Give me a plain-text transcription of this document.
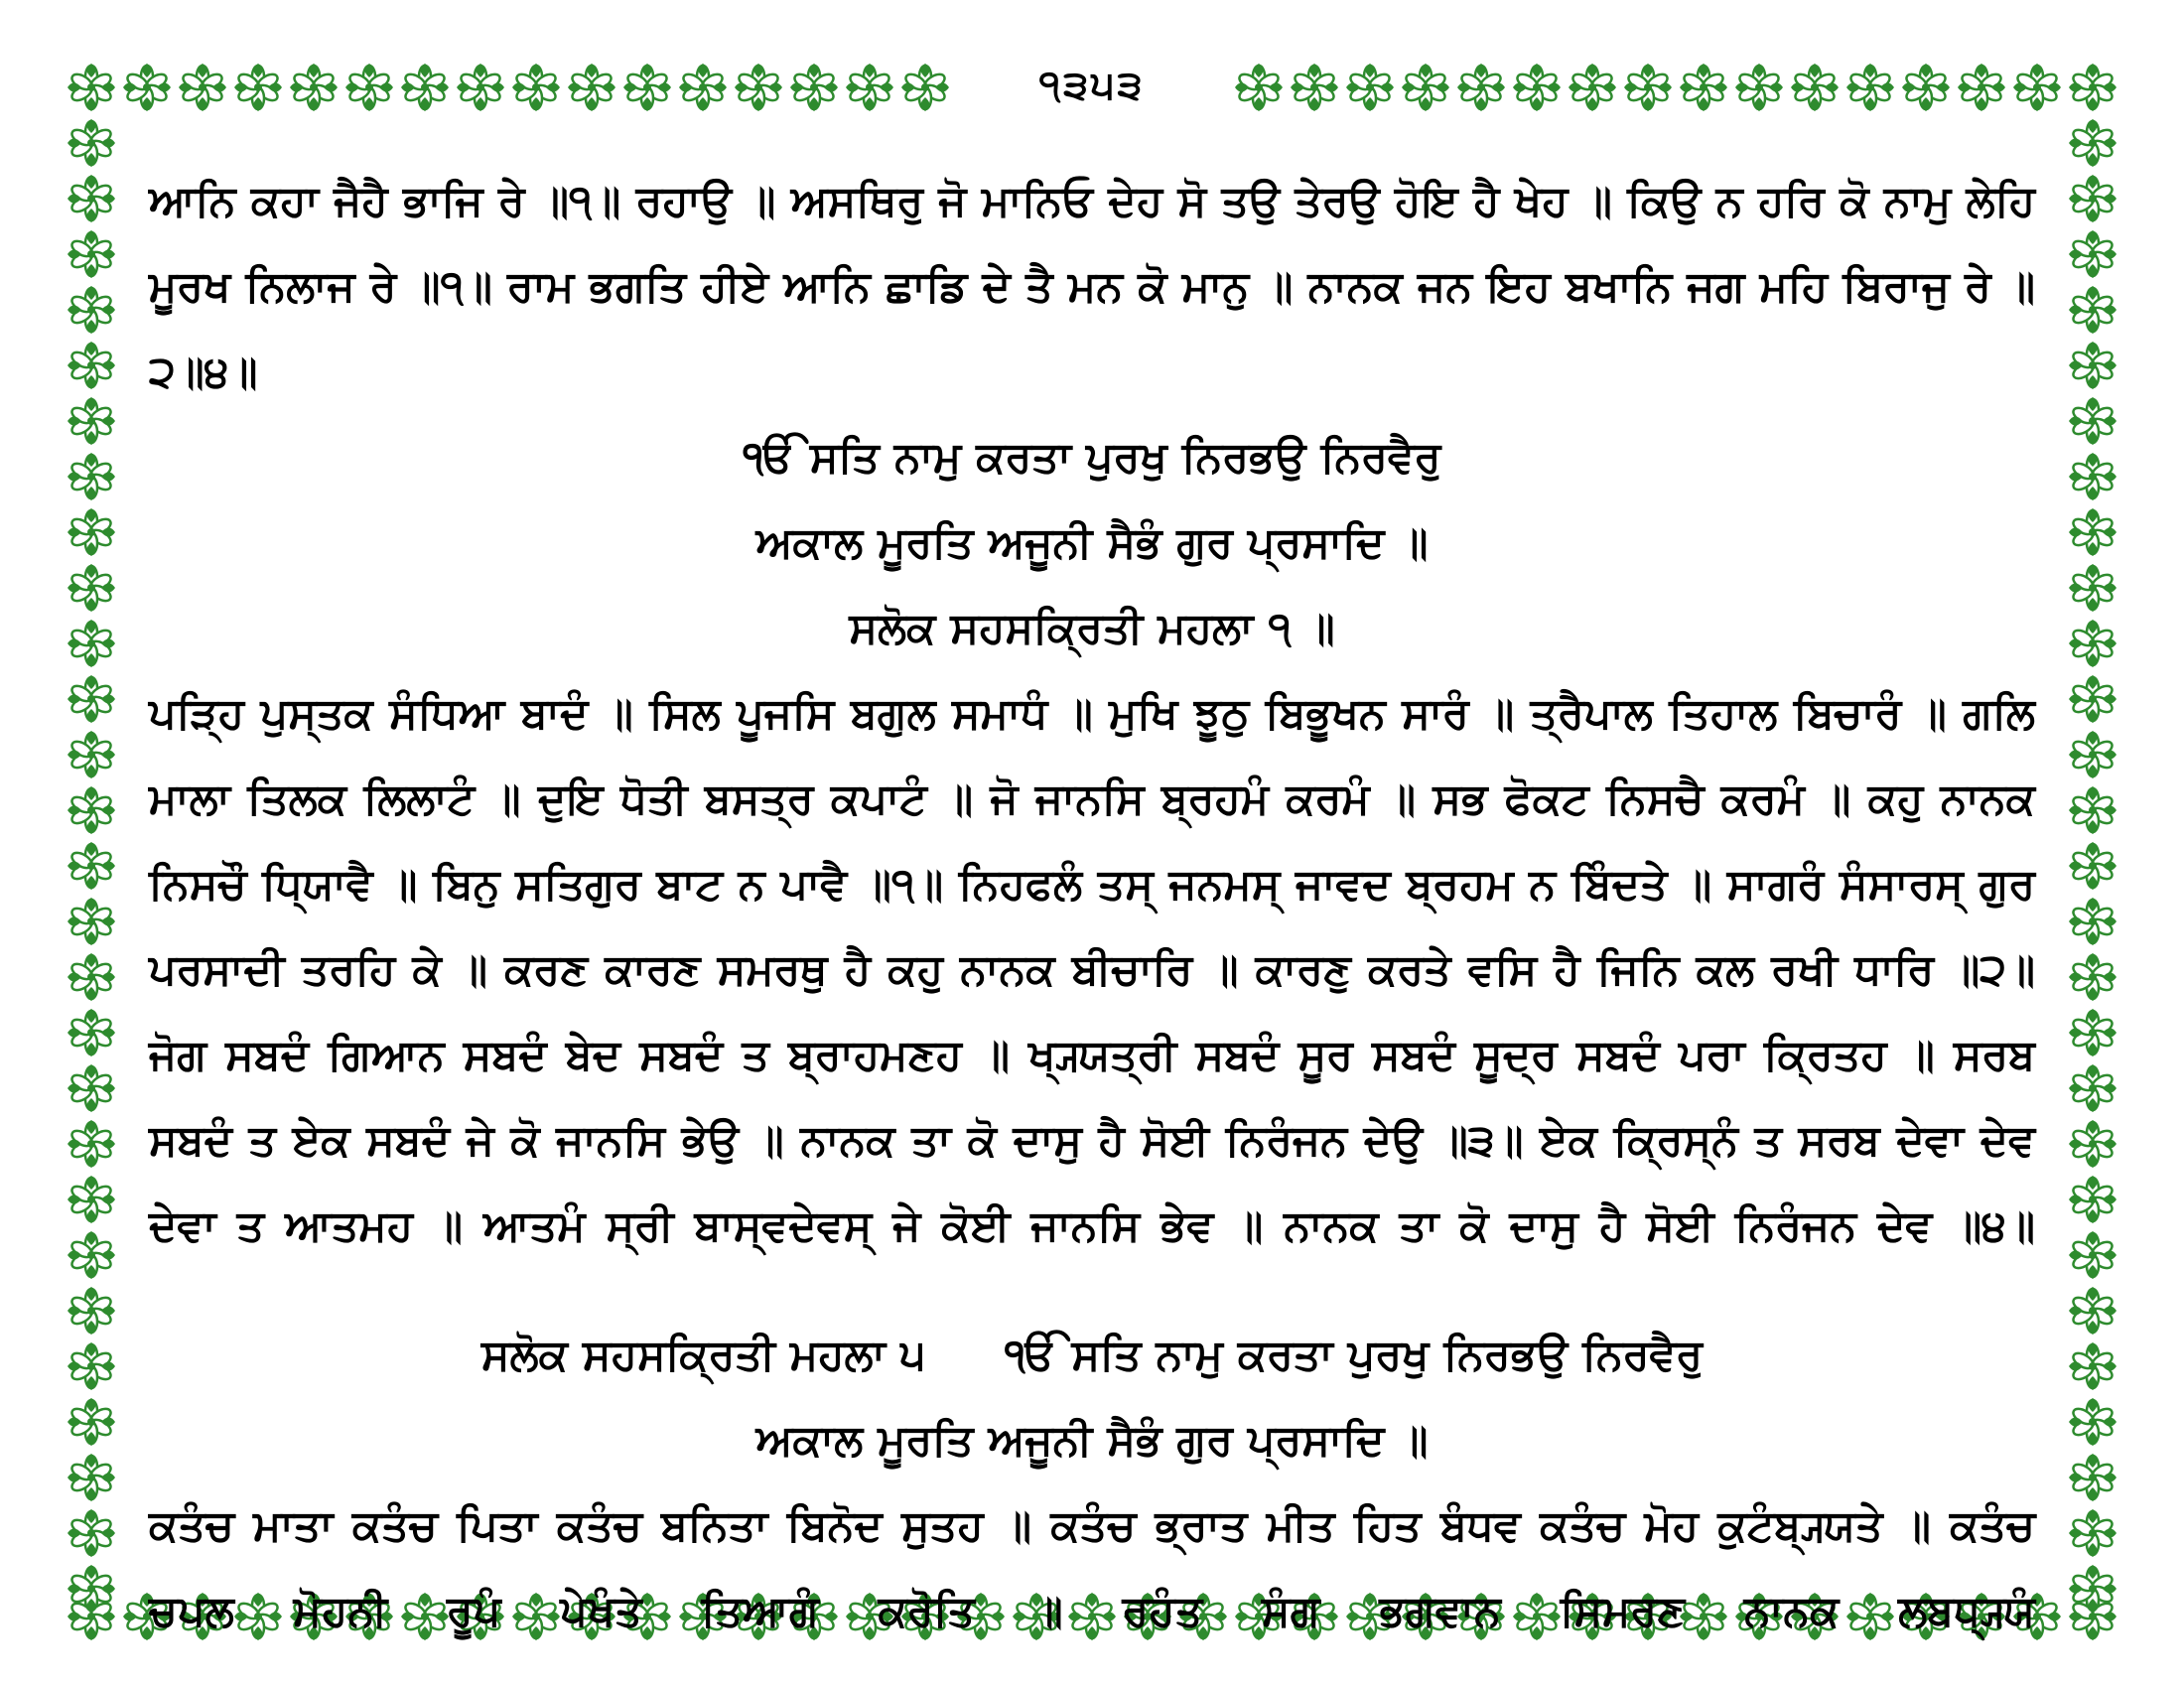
੧੩੫੩
ਆਨਿ ਕਹਾ ਜੈਹੈ ਭਾਜਿ ਰੇ ॥੧॥ ਰਹਾਉ ॥ ਅਸਥਿਰੁ ਜੋ ਮਾਨਿਓ ਦੇਹ ਸੋ ਤਉ ਤੇਰਉ ਹੋਇ ਹੈ ਖੇਹ ॥ ਕਿਉ ਨ ਹਰਿ ਕੋ ਨਾਮੁ ਲੇਹਿ ਮੂਰਖ ਨਿਲਾਜ ਰੇ ॥੧॥ ਰਾਮ ਭਗਤਿ ਹੀਏ ਆਨਿ ਛਾਡਿ ਦੇ ਤੈ ਮਨ ਕੋ ਮਾਨੁ ॥ ਨਾਨਕ ਜਨ ਇਹ ਬਖਾਨਿ ਜਗ ਮਹਿ ਬਿਰਾਜੁ ਰੇ ॥੨॥੪॥
ੴ ਸਤਿ ਨਾਮੁ ਕਰਤਾ ਪੁਰਖੁ ਨਿਰਭਉ ਨਿਰਵੈਰੁ
ਅਕਾਲ ਮੂਰਤਿ ਅਜੂਨੀ ਸੈਭੰ ਗੁਰ ਪ੍ਰਸਾਦਿ ॥
ਸਲੋਕ ਸਹਸਕ੍ਰਿਤੀ ਮਹਲਾ ੧ ॥
ਪੜ੍ਹਿ ਪੁਸ੍ਤਕ ਸੰਧਿਆ ਬਾਦੰ ॥ ਸਿਲ ਪੂਜਸਿ ਬਗੁਲ ਸਮਾਧੰ ॥ ਮੁਖਿ ਝੂਠੁ ਬਿਭੂਖਨ ਸਾਰੰ ॥ ਤ੍ਰੈਪਾਲ ਤਿਹਾਲ ਬਿਚਾਰੰ ॥ ਗਲਿ ਮਾਲਾ ਤਿਲਕ ਲਿਲਾਟੰ ॥ ਦੁਇ ਧੋਤੀ ਬਸਤ੍ਰ ਕਪਾਟੰ ॥ ਜੋ ਜਾਨਸਿ ਬ੍ਰਹਮੰ ਕਰਮੰ ॥ ਸਭ ਫੋਕਟ ਨਿਸਚੈ ਕਰਮੰ ॥ ਕਹੁ ਨਾਨਕ ਨਿਸਚੌ ਧ੍ਯਿਾਵੈ ॥ ਬਿਨੁ ਸਤਿਗੁਰ ਬਾਟ ਨ ਪਾਵੈ ॥੧॥ ਨਿਹਫਲੰ ਤਸ੍ ਜਨਮਸ੍ ਜਾਵਦ ਬ੍ਰਹਮ ਨ ਬਿੰਦਤੇ ॥ ਸਾਗਰੰ ਸੰਸਾਰਸ੍ ਗੁਰ ਪਰਸਾਦੀ ਤਰਹਿ ਕੇ ॥ ਕਰਣ ਕਾਰਣ ਸਮਰਥੁ ਹੈ ਕਹੁ ਨਾਨਕ ਬੀਚਾਰਿ ॥ ਕਾਰਣੁ ਕਰਤੇ ਵਸਿ ਹੈ ਜਿਨਿ ਕਲ ਰਖੀ ਧਾਰਿ ॥੨॥ ਜੋਗ ਸਬਦੰ ਗਿਆਨ ਸਬਦੰ ਬੇਦ ਸਬਦੰ ਤ ਬ੍ਰਾਹਮਣਹ ॥ ਖ੍ਯ੍ਯਤ੍ਰੀ ਸਬਦੰ ਸੂਰ ਸਬਦੰ ਸੂਦ੍ਰ ਸਬਦੰ ਪਰਾ ਕ੍ਰਿਤਹ ॥ ਸਰਬ ਸਬਦੰ ਤ ਏਕ ਸਬਦੰ ਜੇ ਕੋ ਜਾਨਸਿ ਭੇਉ ॥ ਨਾਨਕ ਤਾ ਕੋ ਦਾਸੁ ਹੈ ਸੋਈ ਨਿਰੰਜਨ ਦੇਉ ॥੩॥ ਏਕ ਕ੍ਰਿਸ੍ਨੰ ਤ ਸਰਬ ਦੇਵਾ ਦੇਵ ਦੇਵਾ ਤ ਆਤਮਹ ॥ ਆਤਮੰ ਸ੍ਰੀ ਬਾਸ੍ਵਦੇਵਸ੍ ਜੇ ਕੋਈ ਜਾਨਸਿ ਭੇਵ ॥ ਨਾਨਕ ਤਾ ਕੋ ਦਾਸੁ ਹੈ ਸੋਈ ਨਿਰੰਜਨ ਦੇਵ ॥੪॥
ਸਲੋਕ ਸਹਸਕ੍ਰਿਤੀ ਮਹਲਾ ੫ ੴ ਸਤਿ ਨਾਮੁ ਕਰਤਾ ਪੁਰਖੁ ਨਿਰਭਉ ਨਿਰਵੈਰੁ
ਅਕਾਲ ਮੂਰਤਿ ਅਜੂਨੀ ਸੈਭੰ ਗੁਰ ਪ੍ਰਸਾਦਿ ॥
ਕਤੰਚ ਮਾਤਾ ਕਤੰਚ ਪਿਤਾ ਕਤੰਚ ਬਨਿਤਾ ਬਿਨੋਦ ਸੁਤਹ ॥ ਕਤੰਚ ਭ੍ਰਾਤ ਮੀਤ ਹਿਤ ਬੰਧਵ ਕਤੰਚ ਮੋਹ ਕੁਟੰਬ੍ਯ੍ਯਤੇ ॥ ਕਤੰਚ ਚਪਲ ਮੋਹਨੀ ਰੂਪੰ ਪੇਖੰਤੇ ਤਿਆਗੰ ਕਰੋਤਿ ॥ ਰਹੰਤ ਸੰਗ ਭਗਵਾਨ ਸਿਮਰਣ ਨਾਨਕ ਲਬਧ੍ਯ੍ਯੰ
